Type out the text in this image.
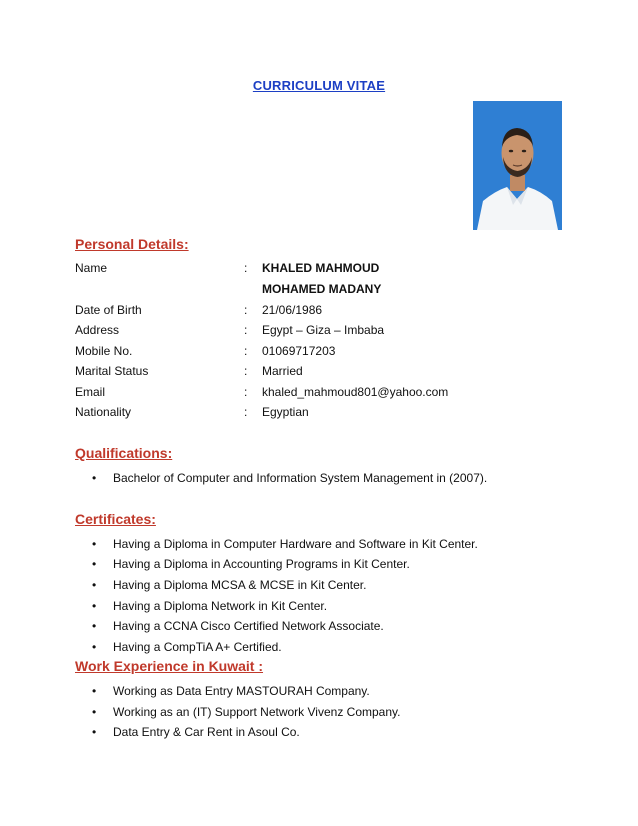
CURRICULUM VITAE
Personal Details:
Name	: KHALED MAHMOUD
MOHAMED MADANY
Date of Birth	: 21/06/1986
Address	: Egypt – Giza – Imbaba
Mobile No.	: 01069717203
Marital Status	: Married
Email	: khaled_mahmoud801@yahoo.com
Nationality	: Egyptian
Qualifications:
• Bachelor of Computer and Information System Management in (2007).
Certificates:
• Having a Diploma in Computer Hardware and Software in Kit Center.
• Having a Diploma in Accounting Programs in Kit Center.
• Having a Diploma MCSA & MCSE in Kit Center.
• Having a Diploma Network in Kit Center.
• Having a CCNA Cisco Certified Network Associate.
• Having a CompTiA A+ Certified.
Work Experience in Kuwait :
• Working as Data Entry MASTOURAH Company.
• Working as an (IT) Support Network Vivenz Company.
• Data Entry & Car Rent in Asoul Co.
